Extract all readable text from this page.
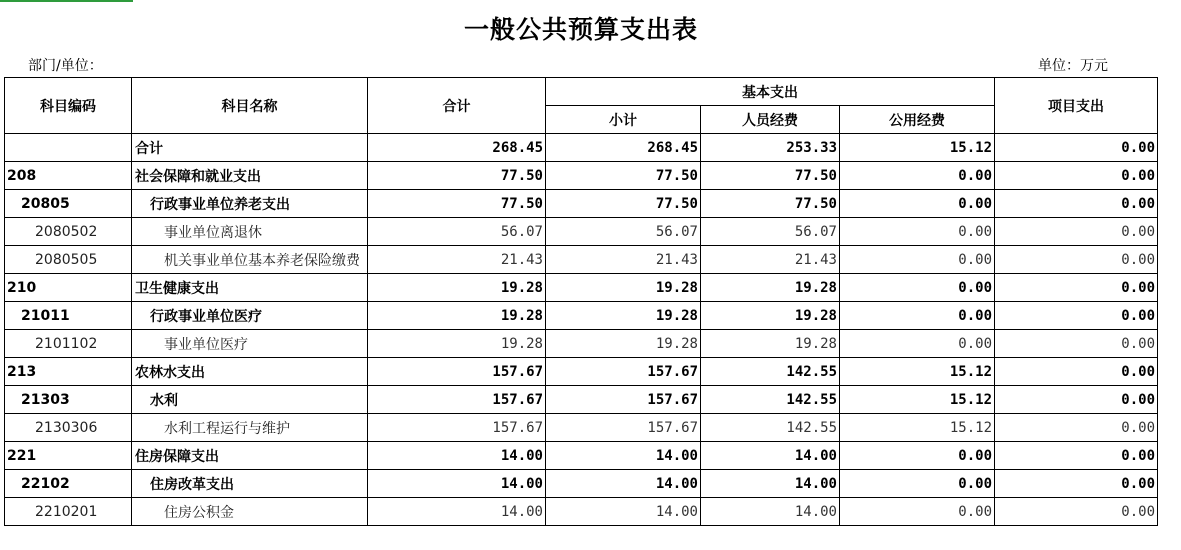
一般公共预算支出表
部门/单位：	单位：万元
科目编码	科目名称	合计	基本支出			项目支出
			小计	人员经费	公用经费	
	合计	268.45	268.45	253.33	15.12	0.00
208	社会保障和就业支出	77.50	77.50	77.50	0.00	0.00
20805	行政事业单位养老支出	77.50	77.50	77.50	0.00	0.00
2080502	事业单位离退休	56.07	56.07	56.07	0.00	0.00
2080505	机关事业单位基本养老保险缴费	21.43	21.43	21.43	0.00	0.00
210	卫生健康支出	19.28	19.28	19.28	0.00	0.00
21011	行政事业单位医疗	19.28	19.28	19.28	0.00	0.00
2101102	事业单位医疗	19.28	19.28	19.28	0.00	0.00
213	农林水支出	157.67	157.67	142.55	15.12	0.00
21303	水利	157.67	157.67	142.55	15.12	0.00
2130306	水利工程运行与维护	157.67	157.67	142.55	15.12	0.00
221	住房保障支出	14.00	14.00	14.00	0.00	0.00
22102	住房改革支出	14.00	14.00	14.00	0.00	0.00
2210201	住房公积金	14.00	14.00	14.00	0.00	0.00
